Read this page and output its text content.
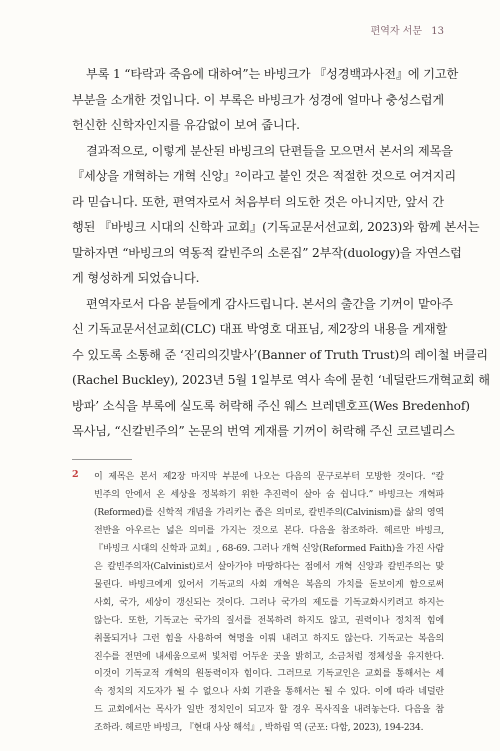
편역자 서문 13
부록 1 “타락과 죽음에 대하여”는 바빙크가 『성경백과사전』에 기고한
부분을 소개한 것입니다. 이 부록은 바빙크가 성경에 얼마나 충성스럽게
헌신한 신학자인지를 유감없이 보여 줍니다.
결과적으로, 이렇게 분산된 바빙크의 단편들을 모으면서 본서의 제목을
『세상을 개혁하는 개혁 신앙』²이라고 붙인 것은 적절한 것으로 여겨지리
라 믿습니다. 또한, 편역자로서 처음부터 의도한 것은 아니지만, 앞서 간
행된 『바빙크 시대의 신학과 교회』(기독교문서선교회, 2023)와 함께 본서는
말하자면 “바빙크의 역동적 칼빈주의 소론집” 2부작(duology)을 자연스럽
게 형성하게 되었습니다.
편역자로서 다음 분들에게 감사드립니다. 본서의 출간을 기꺼이 맡아주
신 기독교문서선교회(CLC) 대표 박영호 대표님, 제2장의 내용을 게재할
수 있도록 소통해 준 ‘진리의깃발사’(Banner of Truth Trust)의 레이철 버클리
(Rachel Buckley), 2023년 5월 1일부로 역사 속에 묻힌 ‘네덜란드개혁교회 해
방파’ 소식을 부록에 실도록 허락해 주신 웨스 브레덴호프(Wes Bredenhof)
목사님, “신칼빈주의” 논문의 번역 게재를 기꺼이 허락해 주신 코르넬리스
2 이 제목은 본서 제2장 마지막 부분에 나오는 다음의 문구로부터 모방한 것이다. “칼
빈주의 안에서 온 세상을 정복하기 위한 추진력이 살아 숨 쉽니다.” 바빙크는 개혁파
(Reformed)를 신학적 개념을 가리키는 좁은 의미로, 칼빈주의(Calvinism)를 삶의 영역
전반을 아우르는 넓은 의미를 가지는 것으로 본다. 다음을 참조하라. 헤르만 바빙크,
『바빙크 시대의 신학과 교회』, 68-69. 그러나 개혁 신앙(Reformed Faith)을 가진 사람
은 칼빈주의자(Calvinist)로서 살아가야 마땅하다는 점에서 개혁 신앙과 칼빈주의는 맞
물린다. 바빙크에게 있어서 기독교의 사회 개혁은 복음의 가치를 돋보이게 함으로써
사회, 국가, 세상이 갱신되는 것이다. 그러나 국가의 제도를 기독교화시키려고 하지는
않는다. 또한, 기독교는 국가의 질서를 전복하려 하지도 않고, 권력이나 정치적 힘에
취몰되거나 그런 힘을 사용하여 혁명을 이뤄 내려고 하지도 않는다. 기독교는 복음의
진수를 전면에 내세움으로써 빛처럼 어두운 곳을 밝히고, 소금처럼 정체성을 유지한다.
이것이 기독교적 개혁의 원동력이자 힘이다. 그러므로 기독교인은 교회를 통해서는 세
속 정치의 지도자가 될 수 없으나 사회 기관을 통해서는 될 수 있다. 이에 따라 네덜란
드 교회에서는 목사가 일반 정치인이 되고자 할 경우 목사직을 내려놓는다. 다음을 참
조하라. 헤르만 바빙크, 『현대 사상 해석』, 박하림 역 (군포: 다함, 2023), 194-234.
